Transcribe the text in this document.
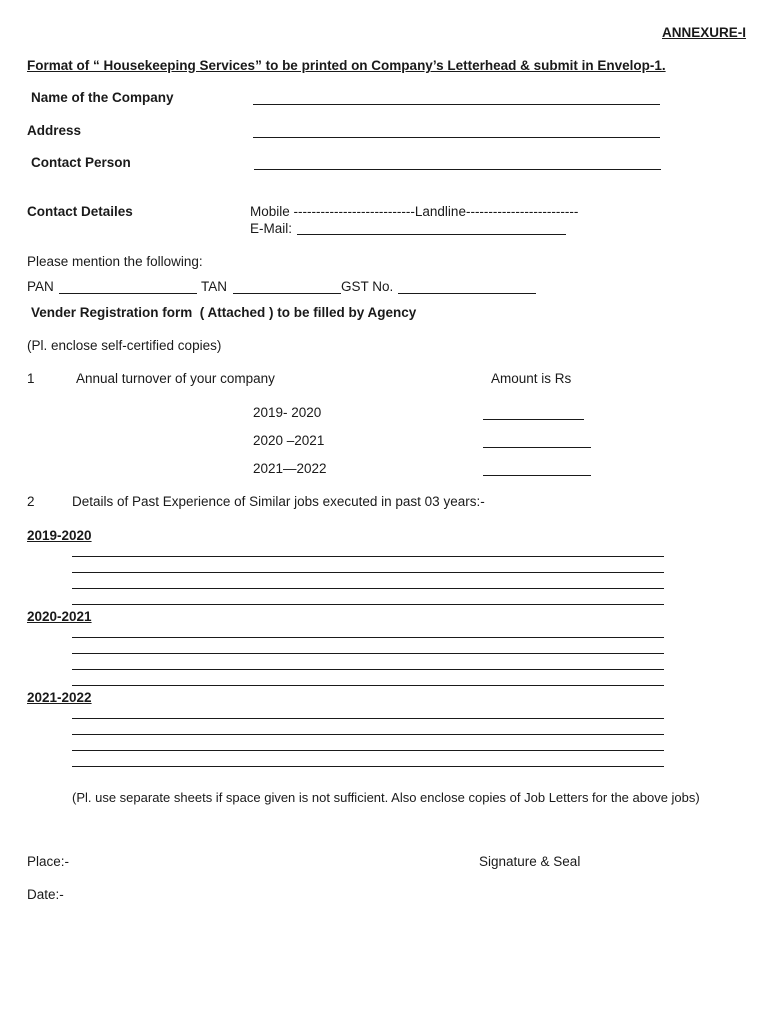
ANNEXURE-I
Format of “ Housekeeping Services” to be printed on Company’s Letterhead & submit in Envelop-1.
Name of the Company
Address
Contact Person
Contact Detailes	Mobile ---------------------------Landline-------------------------
E-Mail:
Please mention the following:
PAN	TAN	GST No.
Vender Registration form  ( Attached ) to be filled by Agency
(Pl. enclose self-certified copies)
1	Annual turnover of your company	Amount is Rs
2019- 2020
2020 –2021
2021—2022
2	Details of Past Experience of Similar jobs executed in past 03 years:-
2019-2020
2020-2021
2021-2022
(Pl. use separate sheets if space given is not sufficient. Also enclose copies of Job Letters for the above jobs)
Place:-	Signature & Seal
Date:-
